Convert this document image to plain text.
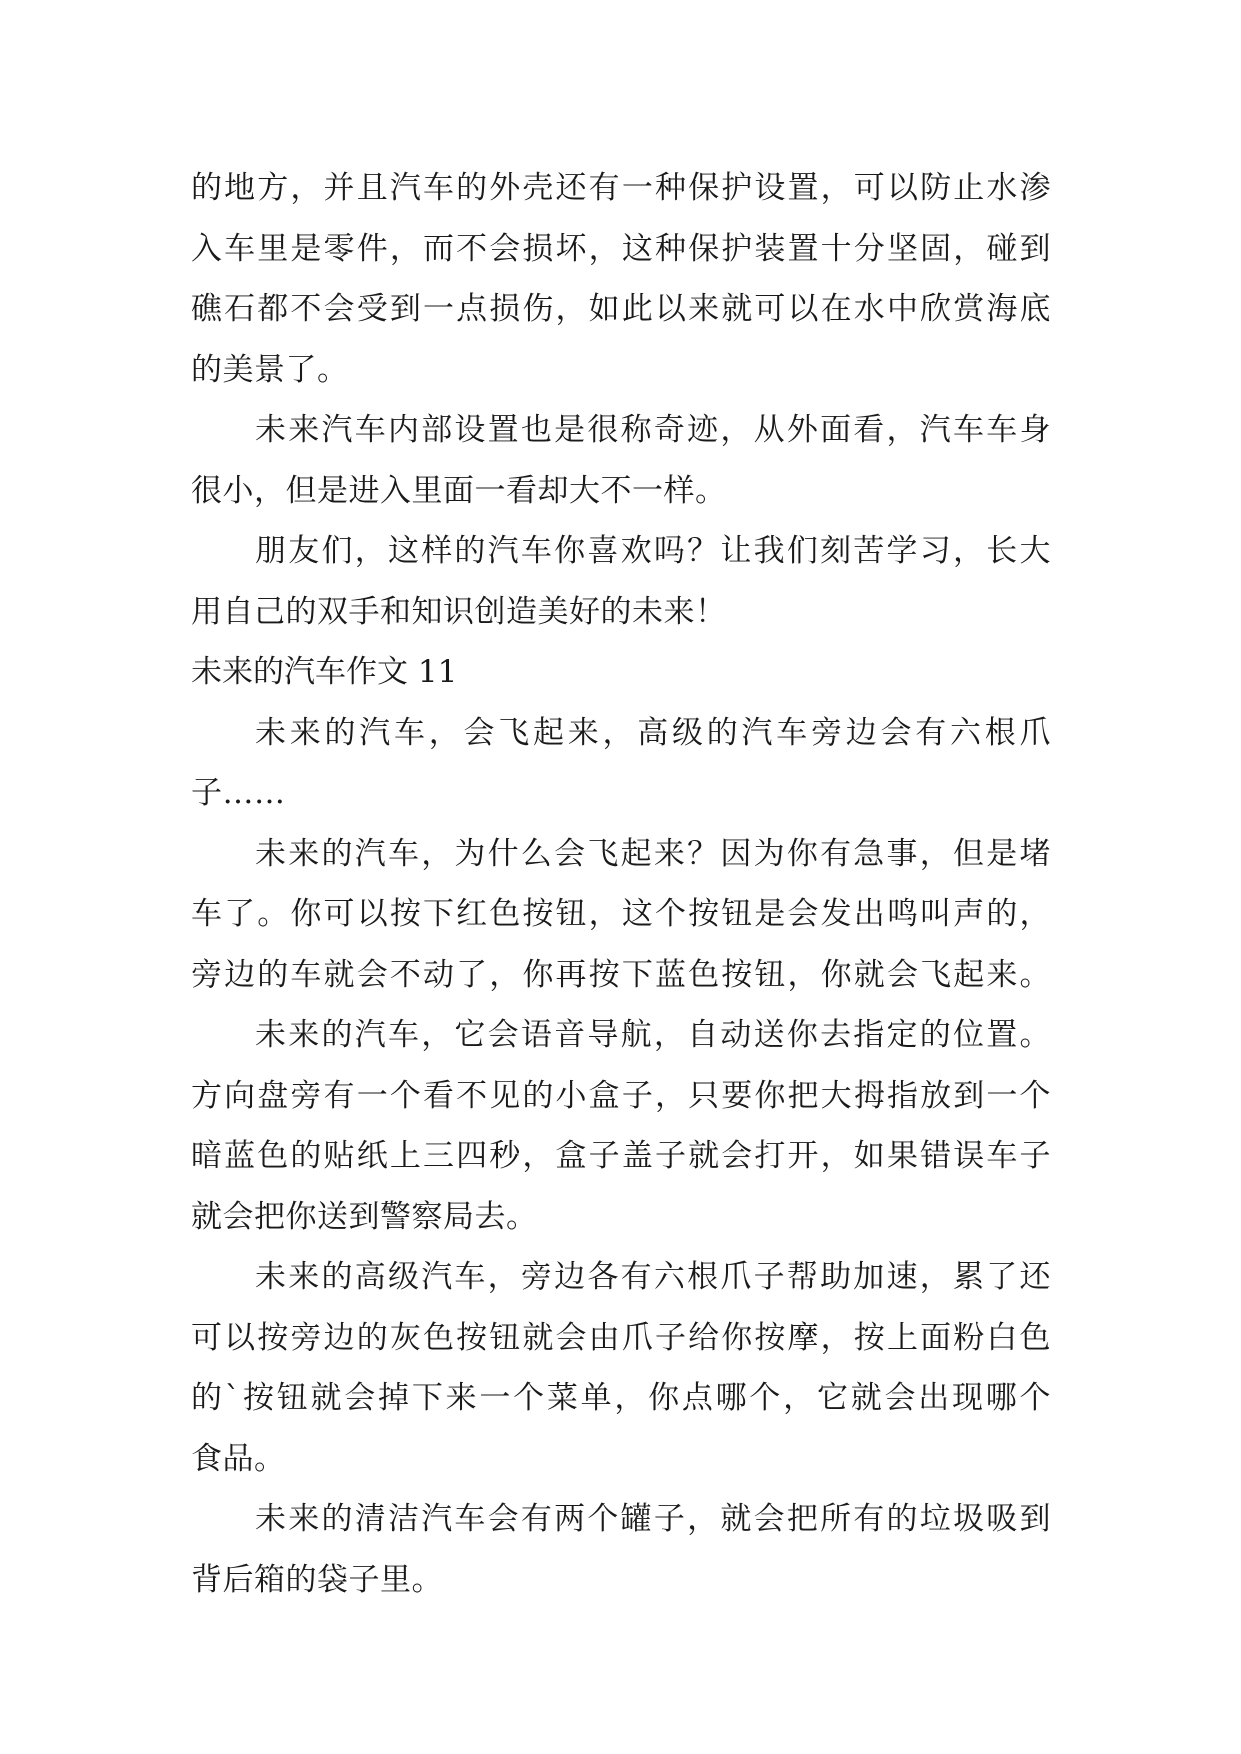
的地方，并且汽车的外壳还有一种保护设置，可以防止水渗
入车里是零件，而不会损坏，这种保护装置十分坚固，碰到
礁石都不会受到一点损伤，如此以来就可以在水中欣赏海底
的美景了。
未来汽车内部设置也是很称奇迹，从外面看，汽车车身
很小，但是进入里面一看却大不一样。
朋友们，这样的汽车你喜欢吗？让我们刻苦学习，长大
用自己的双手和知识创造美好的未来！
未来的汽车作文 11
未来的汽车，会飞起来，高级的汽车旁边会有六根爪
子……
未来的汽车，为什么会飞起来？因为你有急事，但是堵
车了。你可以按下红色按钮，这个按钮是会发出鸣叫声的，
旁边的车就会不动了，你再按下蓝色按钮，你就会飞起来。
未来的汽车，它会语音导航，自动送你去指定的位置。
方向盘旁有一个看不见的小盒子，只要你把大拇指放到一个
暗蓝色的贴纸上三四秒，盒子盖子就会打开，如果错误车子
就会把你送到警察局去。
未来的高级汽车，旁边各有六根爪子帮助加速，累了还
可以按旁边的灰色按钮就会由爪子给你按摩，按上面粉白色
的`按钮就会掉下来一个菜单，你点哪个，它就会出现哪个
食品。
未来的清洁汽车会有两个罐子，就会把所有的垃圾吸到
背后箱的袋子里。
